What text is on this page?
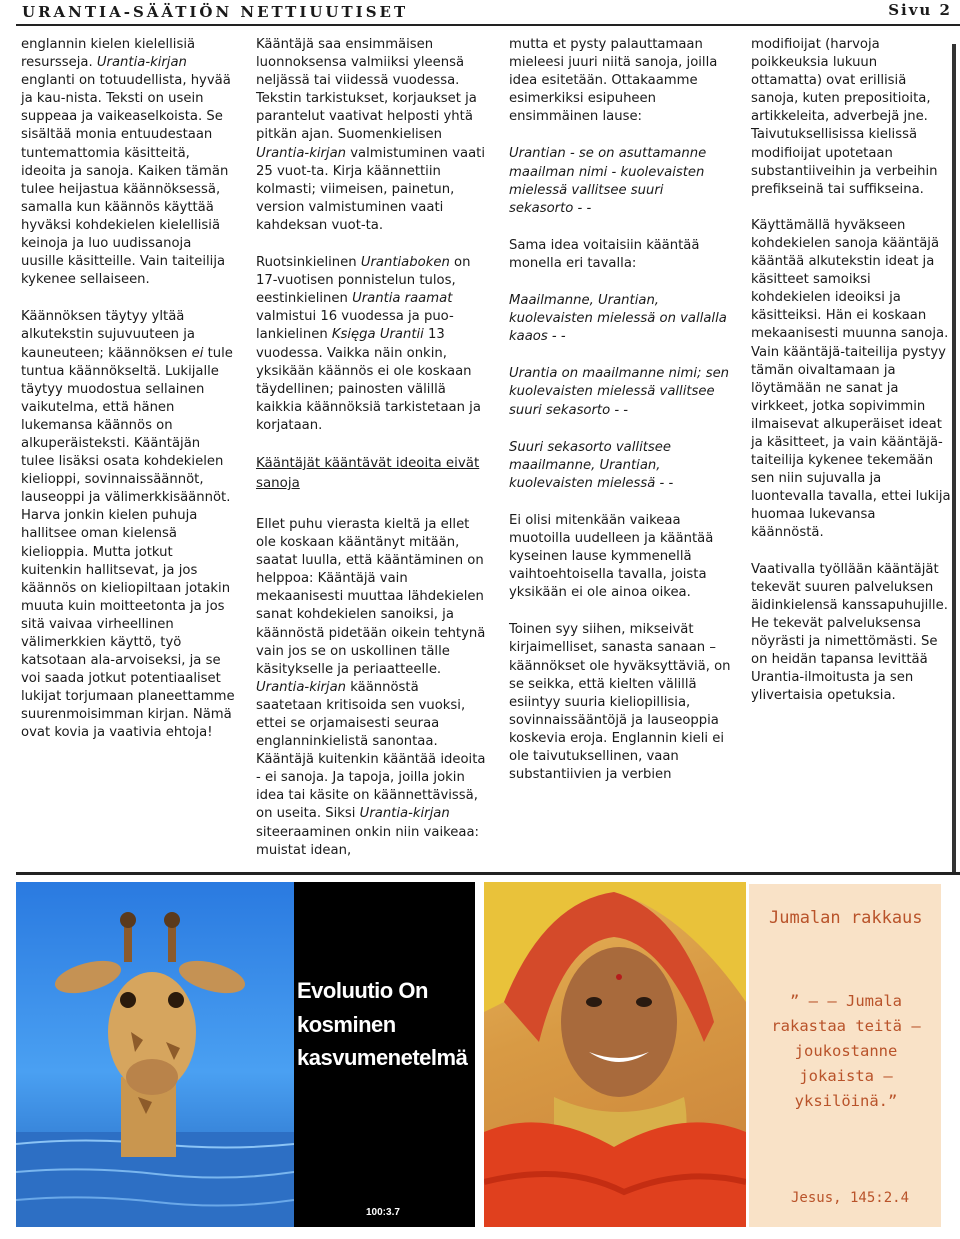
URANTIA-SÄÄTIÖN NETTIUUTISET	Sivu 2

englannin kielen kielellisiä resursseja. Urantia-kirjan englanti on totuudellista, hyvää ja kau-nista. Teksti on usein suppeaa ja vaikeaselkoista. Se sisältää monia entuudestaan tuntemattomia käsitteitä, ideoita ja sanoja. Kaiken tämän tulee heijastua käännöksessä, samalla kun käännös käyttää hyväksi kohdekielen kielellisiä keinoja ja luo uudissanoja uusille käsitteille. Vain taiteilija kykenee sellaiseen.

Käännöksen täytyy yltää alkutekstin sujuvuuteen ja kauneuteen; käännöksen ei tule tuntua käännökseltä. Lukijalle täytyy muodostua sellainen vaikutelma, että hänen lukemansa käännös on alkuperäisteksti. Kääntäjän tulee lisäksi osata kohdekielen kielioppi, sovinnaissäännöt, lauseoppi ja välimerkkisäännöt. Harva jonkin kielen puhuja hallitsee oman kielensä kielioppia. Mutta jotkut kuitenkin hallitsevat, ja jos käännös on kieliopiltaan jotakin muuta kuin moitteetonta ja jos sitä vaivaa virheellinen välimerkkien käyttö, työ katsotaan ala-arvoiseksi, ja se voi saada jotkut potentiaaliset lukijat torjumaan planeettamme suurenmoisimman kirjan. Nämä ovat kovia ja vaativia ehtoja!

Kääntäjä saa ensimmäisen luonnoksensa valmiiksi yleensä neljässä tai viidessä vuodessa. Tekstin tarkistukset, korjaukset ja parantelut vaativat helposti yhtä pitkän ajan. Suomenkielisen Urantia-kirjan valmistuminen vaati 25 vuot-ta. Kirja käännettiin kolmasti; viimeisen, painetun, version valmistuminen vaati kahdeksan vuot-ta.

Ruotsinkielinen Urantiaboken on 17-vuotisen ponnistelun tulos, eestinkielinen Urantia raamat valmistui 16 vuodessa ja puo-lankielinen Księga Urantii 13 vuodessa. Vaikka näin onkin, yksikään käännös ei ole koskaan täydellinen; painosten välillä kaikkia käännöksiä tarkistetaan ja korjataan.

Kääntäjät kääntävät ideoita eivät sanoja

Ellet puhu vierasta kieltä ja ellet ole koskaan kääntänyt mitään, saatat luulla, että kääntäminen on helppoa: Kääntäjä vain mekaanisesti muuttaa lähdekielen sanat kohdekielen sanoiksi, ja käännöstä pidetään oikein tehtynä vain jos se on uskollinen tälle käsitykselle ja periaatteelle. Urantia-kirjan käännöstä saatetaan kritisoida sen vuoksi, ettei se orjamaisesti seuraa englanninkielistä sanontaa. Kääntäjä kuitenkin kääntää ideoita - ei sanoja. Ja tapoja, joilla jokin idea tai käsite on käännettävissä, on useita. Siksi Urantia-kirjan siteeraaminen onkin niin vaikeaa: muistat idean,

mutta et pysty palauttamaan mieleesi juuri niitä sanoja, joilla idea esitetään. Ottakaamme esimerkiksi esipuheen ensimmäinen lause:

Urantian - se on asuttamanne maailman nimi - kuolevaisten mielessä vallitsee suuri sekasorto - -

Sama idea voitaisiin kääntää monella eri tavalla:

Maailmanne, Urantian, kuolevaisten mielessä on vallalla kaaos - -

Urantia on maailmanne nimi; sen kuolevaisten mielessä vallitsee suuri sekasorto - -

Suuri sekasorto vallitsee maailmanne, Urantian, kuolevaisten mielessä - -

Ei olisi mitenkään vaikeaa muotoilla uudelleen ja kääntää kyseinen lause kymmenellä vaihtoehtoisella tavalla, joista yksikään ei ole ainoa oikea.

Toinen syy siihen, mikseivät kirjaimelliset, sanasta sanaan – käännökset ole hyväksyttäviä, on se seikka, että kielten välillä esiintyy suuria kieliopillisia, sovinnaissääntöjä ja lauseoppia koskevia eroja. Englannin kieli ei ole taivutuksellinen, vaan substantiivien ja verbien

modifioijat (harvoja poikkeuksia lukuun ottamatta) ovat erillisiä sanoja, kuten prepositioita, artikkeleita, adverbejä jne. Taivutuksellisissa kielissä modifioijat upotetaan substantiiveihin ja verbeihin prefikseinä tai suffikseina.

Käyttämällä hyväkseen kohdekielen sanoja kääntäjä kääntää alkutekstin ideat ja käsitteet samoiksi kohdekielen ideoiksi ja käsitteiksi. Hän ei koskaan mekaanisesti muunna sanoja. Vain kääntäjä-taiteilija pystyy tämän oivaltamaan ja löytämään ne sanat ja virkkeet, jotka sopivimmin ilmaisevat alkuperäiset ideat ja käsitteet, ja vain kääntäjä-taiteilija kykenee tekemään sen niin sujuvalla ja luontevalla tavalla, ettei lukija huomaa lukevansa käännöstä.

Vaativalla työllään kääntäjät tekevät suuren palveluksen äidinkielensä kanssapuhujille. He tekevät palveluksensa nöyrästi ja nimettömästi. Se on heidän tapansa levittää Urantia-ilmoitusta ja sen ylivertaisia opetuksia.

Evoluutio On kosminen kasvumenetelmä
100:3.7
Jumalan rakkaus
” – – Jumala rakastaa teitä – joukostanne jokaista – yksilöinä.”
Jesus, 145:2.4
